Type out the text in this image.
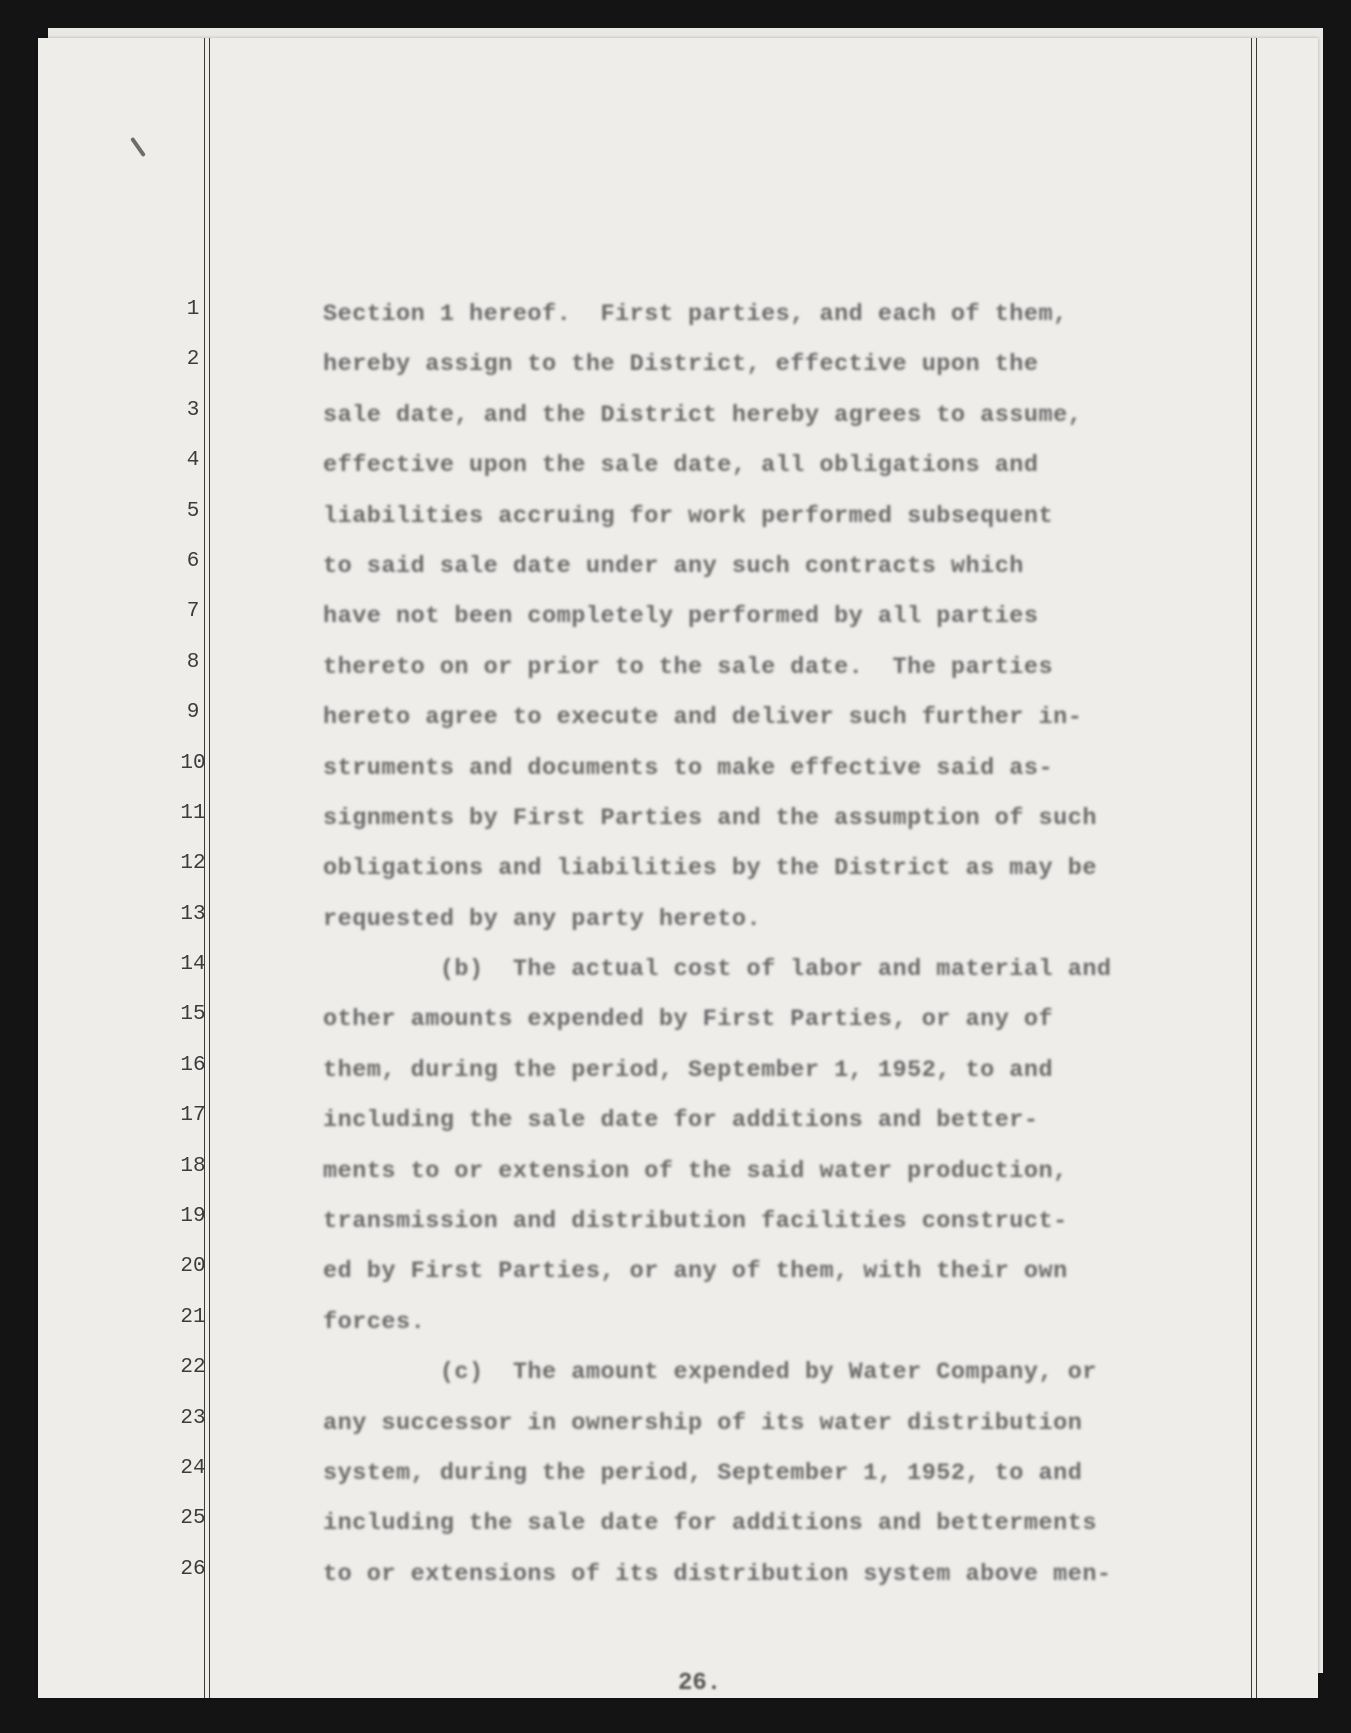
1
2
3
4
5
6
7
8
9
10
11
12
13
14
15
16
17
18
19
20
21
22
23
24
25
26
Section 1 hereof.  First parties, and each of them,
hereby assign to the District, effective upon the
sale date, and the District hereby agrees to assume,
effective upon the sale date, all obligations and
liabilities accruing for work performed subsequent
to said sale date under any such contracts which
have not been completely performed by all parties
thereto on or prior to the sale date.  The parties
hereto agree to execute and deliver such further in-
struments and documents to make effective said as-
signments by First Parties and the assumption of such
obligations and liabilities by the District as may be
requested by any party hereto.
(b)  The actual cost of labor and material and
other amounts expended by First Parties, or any of
them, during the period, September 1, 1952, to and
including the sale date for additions and better-
ments to or extension of the said water production,
transmission and distribution facilities construct-
ed by First Parties, or any of them, with their own
forces.
(c)  The amount expended by Water Company, or
any successor in ownership of its water distribution
system, during the period, September 1, 1952, to and
including the sale date for additions and betterments
to or extensions of its distribution system above men-
26.
